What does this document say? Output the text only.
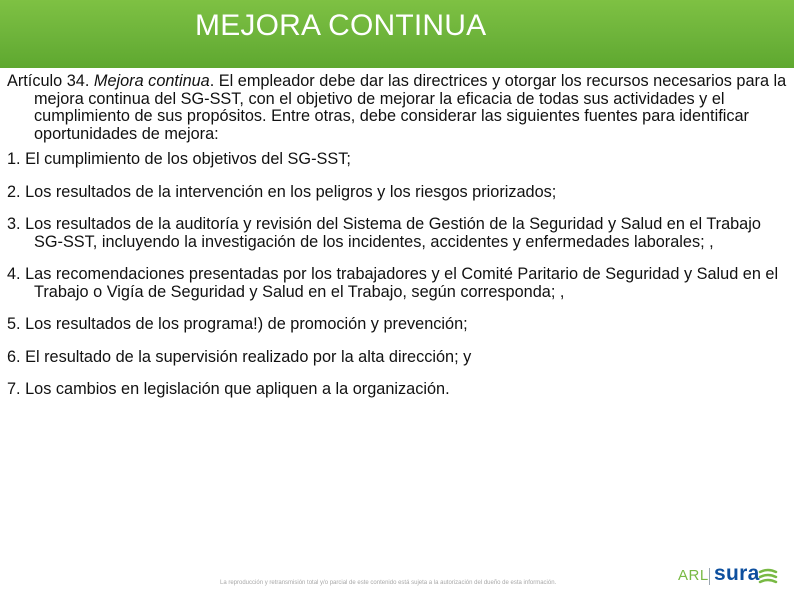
MEJORA CONTINUA

Artículo 34. Mejora continua. El empleador debe dar las directrices y otorgar los recursos necesarios para la mejora continua del SG-SST, con el objetivo de mejorar la eficacia de todas sus actividades y el cumplimiento de sus propósitos. Entre otras, debe considerar las siguientes fuentes para identificar oportunidades de mejora:

1. El cumplimiento de los objetivos del SG-SST;

2. Los resultados de la intervención en los peligros y los riesgos priorizados;

3. Los resultados de la auditoría y revisión del Sistema de Gestión de la Seguridad y Salud en el Trabajo SG-SST, incluyendo la investigación de los incidentes, accidentes y enfermedades laborales; ,

4. Las recomendaciones presentadas por los trabajadores y el Comité Paritario de Seguridad y Salud en el Trabajo o Vigía de Seguridad y Salud en el Trabajo, según corresponda; ,

5. Los resultados de los programa!) de promoción y prevención;

6. El resultado de la supervisión realizado por la alta dirección; y

7. Los cambios en legislación que apliquen a la organización.

La reproducción y retransmisión total y/o parcial de este contenido está sujeta a la autorización del dueño de esta información.	ARL sura
